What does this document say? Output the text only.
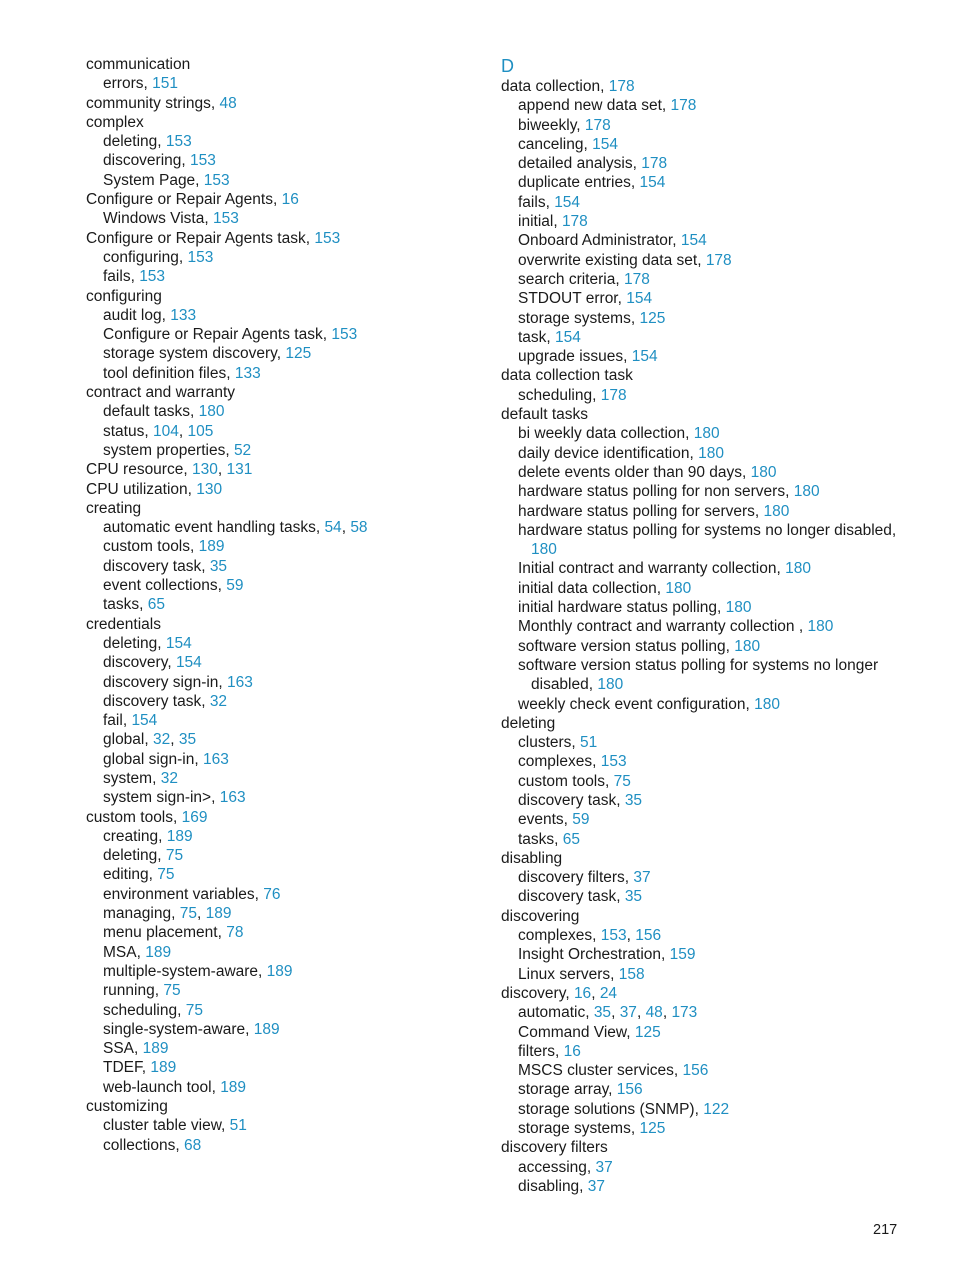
communication
errors, 151
community strings, 48
complex
deleting, 153
discovering, 153
System Page, 153
Configure or Repair Agents, 16
Windows Vista, 153
Configure or Repair Agents task, 153
configuring, 153
fails, 153
configuring
audit log, 133
Configure or Repair Agents task, 153
storage system discovery, 125
tool definition files, 133
contract and warranty
default tasks, 180
status, 104, 105
system properties, 52
CPU resource, 130, 131
CPU utilization, 130
creating
automatic event handling tasks, 54, 58
custom tools, 189
discovery task, 35
event collections, 59
tasks, 65
credentials
deleting, 154
discovery, 154
discovery sign-in, 163
discovery task, 32
fail, 154
global, 32, 35
global sign-in, 163
system, 32
system sign-in>, 163
custom tools, 169
creating, 189
deleting, 75
editing, 75
environment variables, 76
managing, 75, 189
menu placement, 78
MSA, 189
multiple-system-aware, 189
running, 75
scheduling, 75
single-system-aware, 189
SSA, 189
TDEF, 189
web-launch tool, 189
customizing
cluster table view, 51
collections, 68
D
data collection, 178
append new data set, 178
biweekly, 178
canceling, 154
detailed analysis, 178
duplicate entries, 154
fails, 154
initial, 178
Onboard Administrator, 154
overwrite existing data set, 178
search criteria, 178
STDOUT error, 154
storage systems, 125
task, 154
upgrade issues, 154
data collection task
scheduling, 178
default tasks
bi weekly data collection, 180
daily device identification, 180
delete events older than 90 days, 180
hardware status polling for non servers, 180
hardware status polling for servers, 180
hardware status polling for systems no longer disabled,
180
Initial contract and warranty collection, 180
initial data collection, 180
initial hardware status polling, 180
Monthly contract and warranty collection , 180
software version status polling, 180
software version status polling for systems no longer
disabled, 180
weekly check event configuration, 180
deleting
clusters, 51
complexes, 153
custom tools, 75
discovery task, 35
events, 59
tasks, 65
disabling
discovery filters, 37
discovery task, 35
discovering
complexes, 153, 156
Insight Orchestration, 159
Linux servers, 158
discovery, 16, 24
automatic, 35, 37, 48, 173
Command View, 125
filters, 16
MSCS cluster services, 156
storage array, 156
storage solutions (SNMP), 122
storage systems, 125
discovery filters
accessing, 37
disabling, 37
217
